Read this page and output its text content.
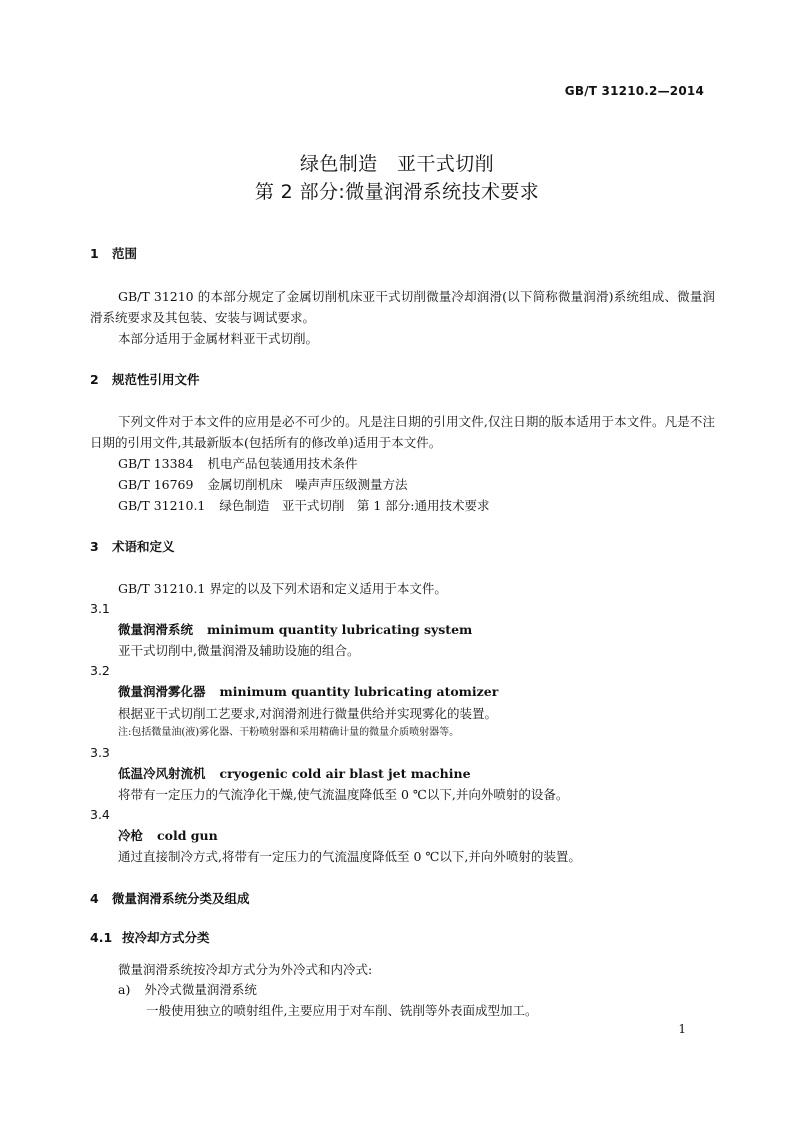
GB/T 31210.2—2014
绿色制造　亚干式切削
第 2 部分:微量润滑系统技术要求
1 范围
GB/T 31210 的本部分规定了金属切削机床亚干式切削微量冷却润滑(以下简称微量润滑)系统组成、微量润滑系统要求及其包装、安装与调试要求。
本部分适用于金属材料亚干式切削。
2 规范性引用文件
下列文件对于本文件的应用是必不可少的。凡是注日期的引用文件,仅注日期的版本适用于本文件。凡是不注日期的引用文件,其最新版本(包括所有的修改单)适用于本文件。
GB/T 13384 机电产品包装通用技术条件
GB/T 16769 金属切削机床　噪声声压级测量方法
GB/T 31210.1 绿色制造　亚干式切削　第 1 部分:通用技术要求
3 术语和定义
GB/T 31210.1 界定的以及下列术语和定义适用于本文件。
3.1
微量润滑系统 minimum quantity lubricating system
亚干式切削中,微量润滑及辅助设施的组合。
3.2
微量润滑雾化器 minimum quantity lubricating atomizer
根据亚干式切削工艺要求,对润滑剂进行微量供给并实现雾化的装置。
注:包括微量油(液)雾化器、干粉喷射器和采用精确计量的微量介质喷射器等。
3.3
低温冷风射流机 cryogenic cold air blast jet machine
将带有一定压力的气流净化干燥,使气流温度降低至 0 ℃以下,并向外喷射的设备。
3.4
冷枪 cold gun
通过直接制冷方式,将带有一定压力的气流温度降低至 0 ℃以下,并向外喷射的装置。
4 微量润滑系统分类及组成
4.1 按冷却方式分类
微量润滑系统按冷却方式分为外冷式和内冷式:
a) 外冷式微量润滑系统
一般使用独立的喷射组件,主要应用于对车削、铣削等外表面成型加工。
1
